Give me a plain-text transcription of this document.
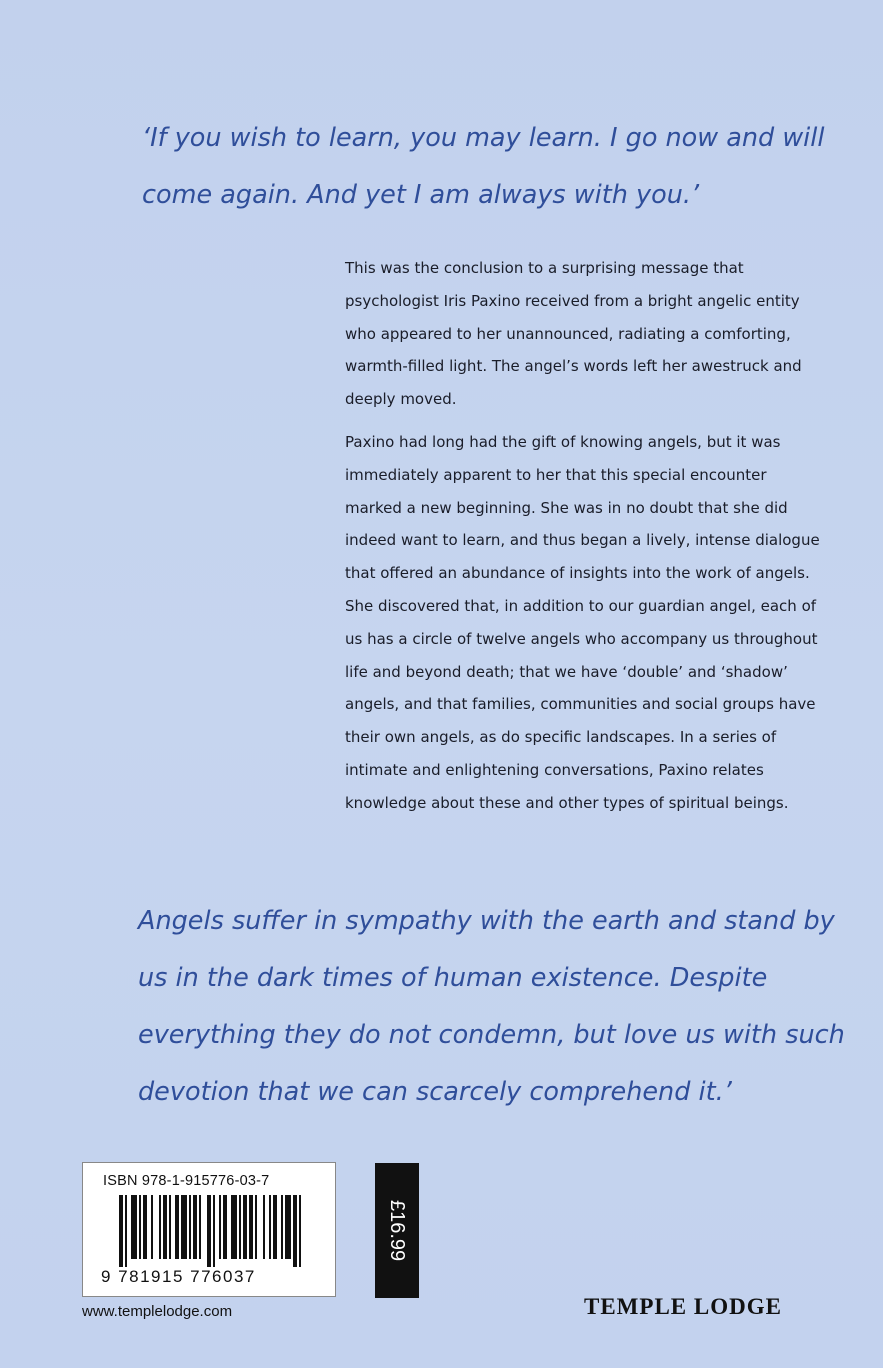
‘If you wish to learn, you may learn. I go now and will come again. And yet I am always with you.’

This was the conclusion to a surprising message that psychologist Iris Paxino received from a bright angelic entity who appeared to her unannounced, radiating a comforting, warmth-filled light. The angel’s words left her awestruck and deeply moved.

Paxino had long had the gift of knowing angels, but it was immediately apparent to her that this special encounter marked a new beginning. She was in no doubt that she did indeed want to learn, and thus began a lively, intense dialogue that offered an abundance of insights into the work of angels. She discovered that, in addition to our guardian angel, each of us has a circle of twelve angels who accompany us throughout life and beyond death; that we have ‘double’ and ‘shadow’ angels, and that families, communities and social groups have their own angels, as do specific landscapes. In a series of intimate and enlightening conversations, Paxino relates knowledge about these and other types of spiritual beings.

Angels suffer in sympathy with the earth and stand by us in the dark times of human existence. Despite everything they do not condemn, but love us with such devotion that we can scarcely comprehend it.’
ISBN 978-1-915776-03-7
9 781915 776037
£16.99
www.templelodge.com	TEMPLE LODGE
